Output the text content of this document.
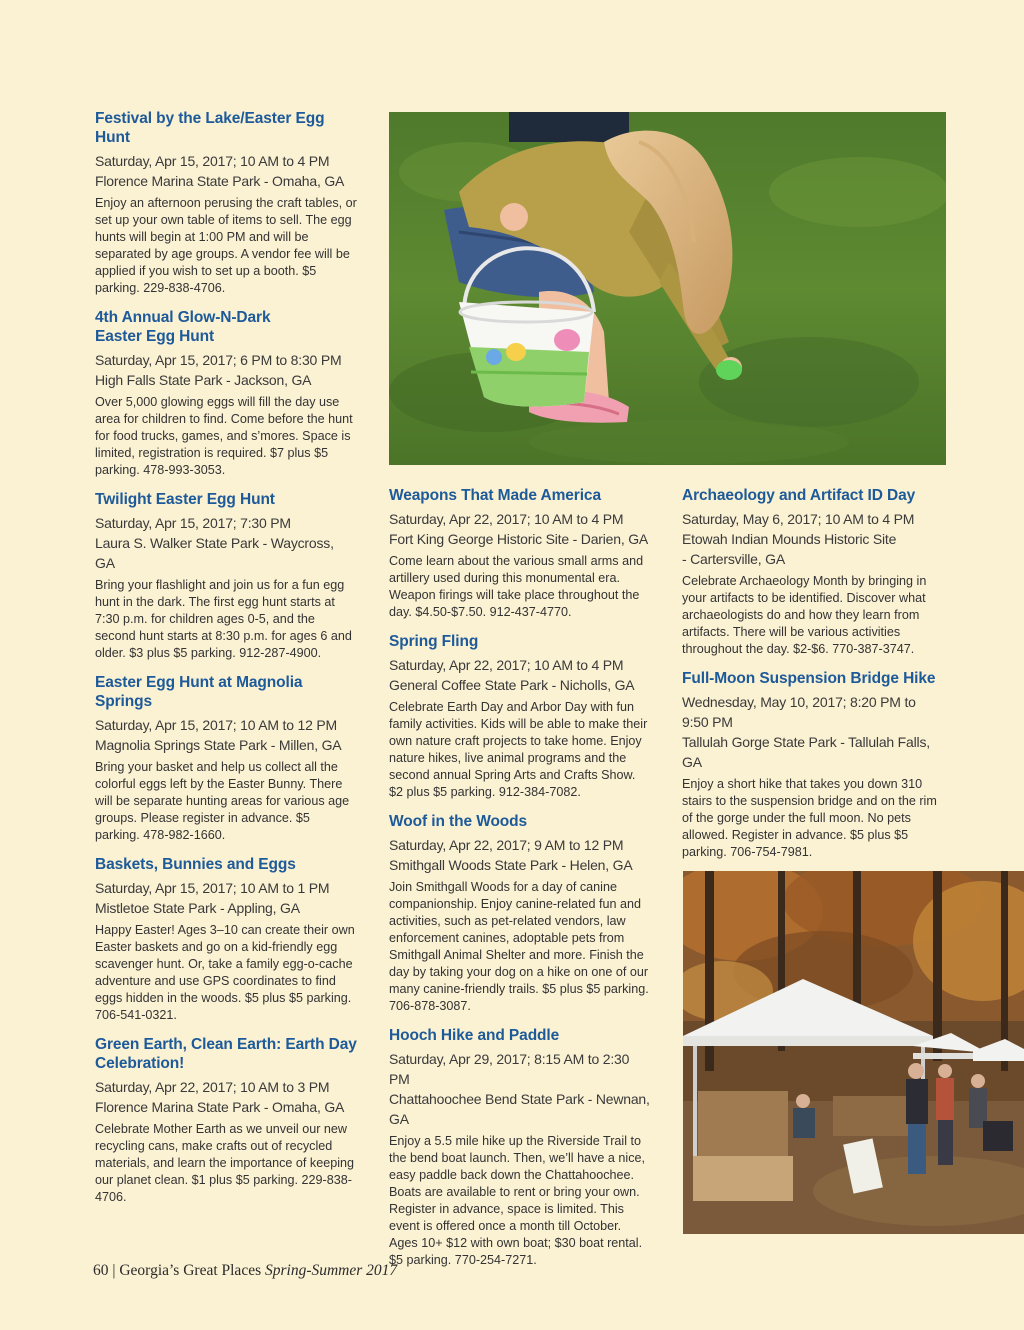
Festival by the Lake/Easter Egg Hunt
Saturday, Apr 15, 2017; 10 AM to 4 PM
Florence Marina State Park - Omaha, GA
Enjoy an afternoon perusing the craft tables, or set up your own table of items to sell. The egg hunts will begin at 1:00 PM and will be separated by age groups. A vendor fee will be applied if you wish to set up a booth. $5 parking. 229-838-4706.
4th Annual Glow-N-Dark Easter Egg Hunt
Saturday, Apr 15, 2017; 6 PM to 8:30 PM
High Falls State Park - Jackson, GA
Over 5,000 glowing eggs will fill the day use area for children to find. Come before the hunt for food trucks, games, and s’mores. Space is limited, registration is required. $7 plus $5 parking. 478-993-3053.
Twilight Easter Egg Hunt
Saturday, Apr 15, 2017; 7:30 PM
Laura S. Walker State Park - Waycross, GA
Bring your flashlight and join us for a fun egg hunt in the dark. The first egg hunt starts at 7:30 p.m. for children ages 0-5, and the second hunt starts at 8:30 p.m. for ages 6 and older. $3 plus $5 parking. 912-287-4900.
Easter Egg Hunt at Magnolia Springs
Saturday, Apr 15, 2017; 10 AM to 12 PM
Magnolia Springs State Park - Millen, GA
Bring your basket and help us collect all the colorful eggs left by the Easter Bunny. There will be separate hunting areas for various age groups. Please register in advance. $5 parking. 478-982-1660.
Baskets, Bunnies and Eggs
Saturday, Apr 15, 2017; 10 AM to 1 PM
Mistletoe State Park - Appling, GA
Happy Easter! Ages 3–10 can create their own Easter baskets and go on a kid-friendly egg scavenger hunt. Or, take a family egg-o-cache adventure and use GPS coordinates to find eggs hidden in the woods. $5 plus $5 parking. 706-541-0321.
Green Earth, Clean Earth: Earth Day Celebration!
Saturday, Apr 22, 2017; 10 AM to 3 PM
Florence Marina State Park - Omaha, GA
Celebrate Mother Earth as we unveil our new recycling cans, make crafts out of recycled materials, and learn the importance of keeping our planet clean. $1 plus $5 parking. 229-838-4706.
Weapons That Made America
Saturday, Apr 22, 2017; 10 AM to 4 PM
Fort King George Historic Site - Darien, GA
Come learn about the various small arms and artillery used during this monumental era. Weapon firings will take place throughout the day. $4.50-$7.50. 912-437-4770.
Spring Fling
Saturday, Apr 22, 2017; 10 AM to 4 PM
General Coffee State Park - Nicholls, GA
Celebrate Earth Day and Arbor Day with fun family activities. Kids will be able to make their own nature craft projects to take home. Enjoy nature hikes, live animal programs and the second annual Spring Arts and Crafts Show. $2 plus $5 parking. 912-384-7082.
Woof in the Woods
Saturday, Apr 22, 2017; 9 AM to 12 PM
Smithgall Woods State Park - Helen, GA
Join Smithgall Woods for a day of canine companionship. Enjoy canine-related fun and activities, such as pet-related vendors, law enforcement canines, adoptable pets from Smithgall Animal Shelter and more. Finish the day by taking your dog on a hike on one of our many canine-friendly trails. $5 plus $5 parking. 706-878-3087.
Hooch Hike and Paddle
Saturday, Apr 29, 2017; 8:15 AM to 2:30 PM
Chattahoochee Bend State Park - Newnan, GA
Enjoy a 5.5 mile hike up the Riverside Trail to the bend boat launch. Then, we’ll have a nice, easy paddle back down the Chattahoochee. Boats are available to rent or bring your own. Register in advance, space is limited. This event is offered once a month till October. Ages 10+ $12 with own boat; $30 boat rental. $5 parking. 770-254-7271.
Archaeology and Artifact ID Day
Saturday, May 6, 2017; 10 AM to 4 PM
Etowah Indian Mounds Historic Site - Cartersville, GA
Celebrate Archaeology Month by bringing in your artifacts to be identified. Discover what archaeologists do and how they learn from artifacts. There will be various activities throughout the day. $2-$6. 770-387-3747.
Full-Moon Suspension Bridge Hike
Wednesday, May 10, 2017; 8:20 PM to 9:50 PM
Tallulah Gorge State Park - Tallulah Falls, GA
Enjoy a short hike that takes you down 310 stairs to the suspension bridge and on the rim of the gorge under the full moon. No pets allowed. Register in advance. $5 plus $5 parking. 706-754-7981.
60 | Georgia’s Great Places Spring-Summer 2017
